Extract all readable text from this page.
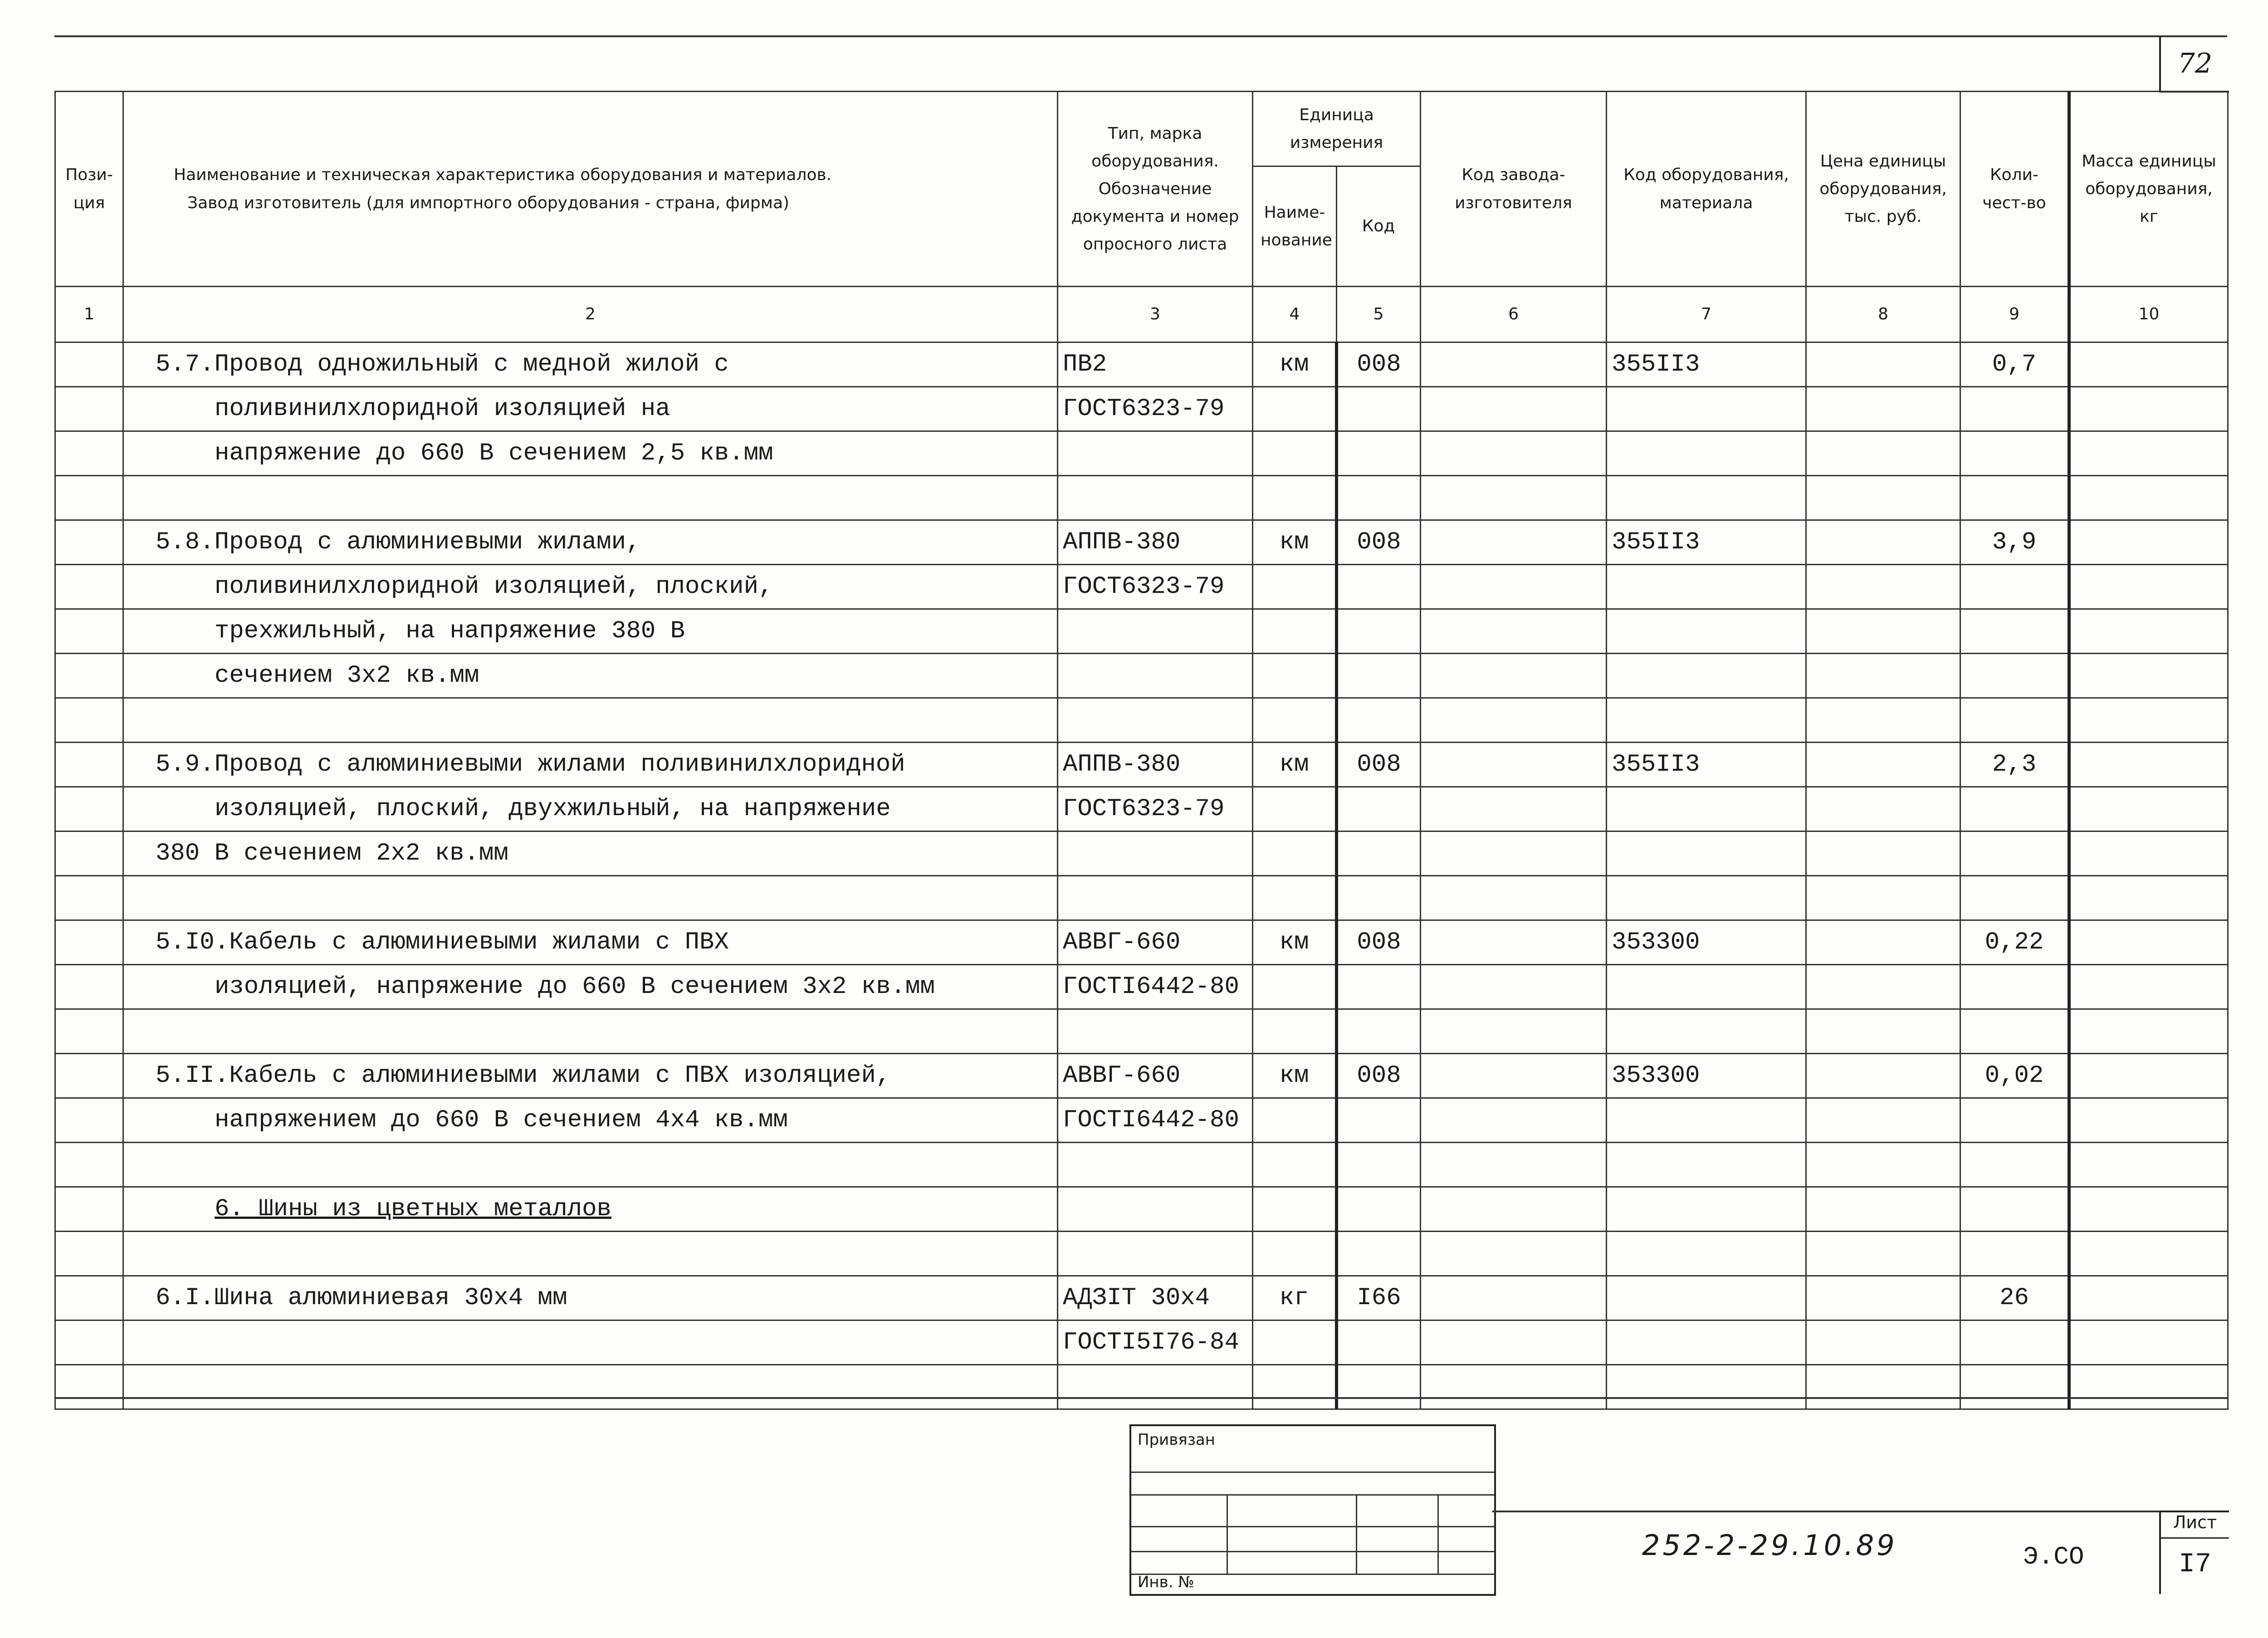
72
Пози-ция	Наименование и техническая характеристика оборудования и материалов.
Завод изготовитель (для импортного оборудования - страна, фирма)	Тип, марка оборудования. Обозначение документа и номер опросного листа	Единица измерения		Код завода-изготовителя	Код оборудования, материала	Цена единицы оборудования, тыс. руб.	Коли-чест-во	Масса единицы оборудования, кг
			Наиме-нование	Код					
1	2	3	4	5	6	7	8	9	10
	5.7.Провод одножильный с медной жилой с	ПВ2	км	008		355II3		0,7	
	поливинилхлоридной изоляцией на	ГОСТ6323-79							
	напряжение до 660 В сечением 2,5 кв.мм								

	5.8.Провод с алюминиевыми жилами,	АППВ-380	км	008		355II3		3,9	
	поливинилхлоридной изоляцией, плоский,	ГОСТ6323-79							
	трехжильный, на напряжение 380 В								
	сечением 3х2 кв.мм								

	5.9.Провод с алюминиевыми жилами поливинилхлоридной	АППВ-380	км	008		355II3		2,3	
	изоляцией, плоский, двухжильный, на напряжение	ГОСТ6323-79							
	380 В сечением 2х2 кв.мм								

	5.I0.Кабель с алюминиевыми жилами с ПВХ	АВВГ-660	км	008		353300		0,22	
	изоляцией, напряжение до 660 В сечением 3х2 кв.мм	ГОСТI6442-80							

	5.II.Кабель с алюминиевыми жилами с ПВХ изоляцией,	АВВГ-660	км	008		353300		0,02	
	напряжением до 660 В сечением 4х4 кв.мм	ГОСТI6442-80							

	6. Шины из цветных металлов								

	6.I.Шина алюминиевая 30х4 мм	АДЗIТ 30х4	кг	I66				26	
		ГОСТI5I76-84							

Привязан
Инв. №
252-2-29.10.89	Э.СО
Лист
I7
